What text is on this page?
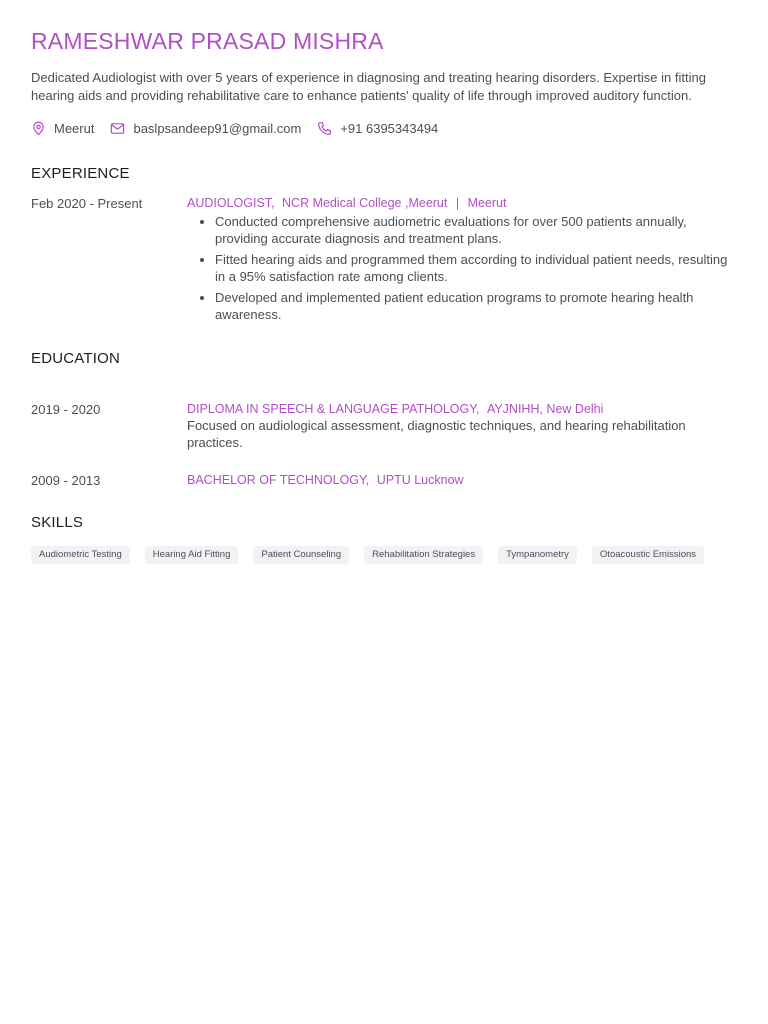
RAMESHWAR PRASAD MISHRA
Dedicated Audiologist with over 5 years of experience in diagnosing and treating hearing disorders. Expertise in fitting hearing aids and providing rehabilitative care to enhance patients' quality of life through improved auditory function.
Meerut	baslpsandeep91@gmail.com	+91 6395343494
EXPERIENCE
Feb 2020 - Present	AUDIOLOGIST, NCR Medical College ,Meerut | Meerut
• Conducted comprehensive audiometric evaluations for over 500 patients annually, providing accurate diagnosis and treatment plans.
• Fitted hearing aids and programmed them according to individual patient needs, resulting in a 95% satisfaction rate among clients.
• Developed and implemented patient education programs to promote hearing health awareness.
EDUCATION
2019 - 2020	DIPLOMA IN SPEECH & LANGUAGE PATHOLOGY, AYJNIHH, New Delhi
Focused on audiological assessment, diagnostic techniques, and hearing rehabilitation practices.
2009 - 2013	BACHELOR OF TECHNOLOGY, UPTU Lucknow
SKILLS
Audiometric Testing	Hearing Aid Fitting	Patient Counseling	Rehabilitation Strategies	Tympanometry	Otoacoustic Emissions
